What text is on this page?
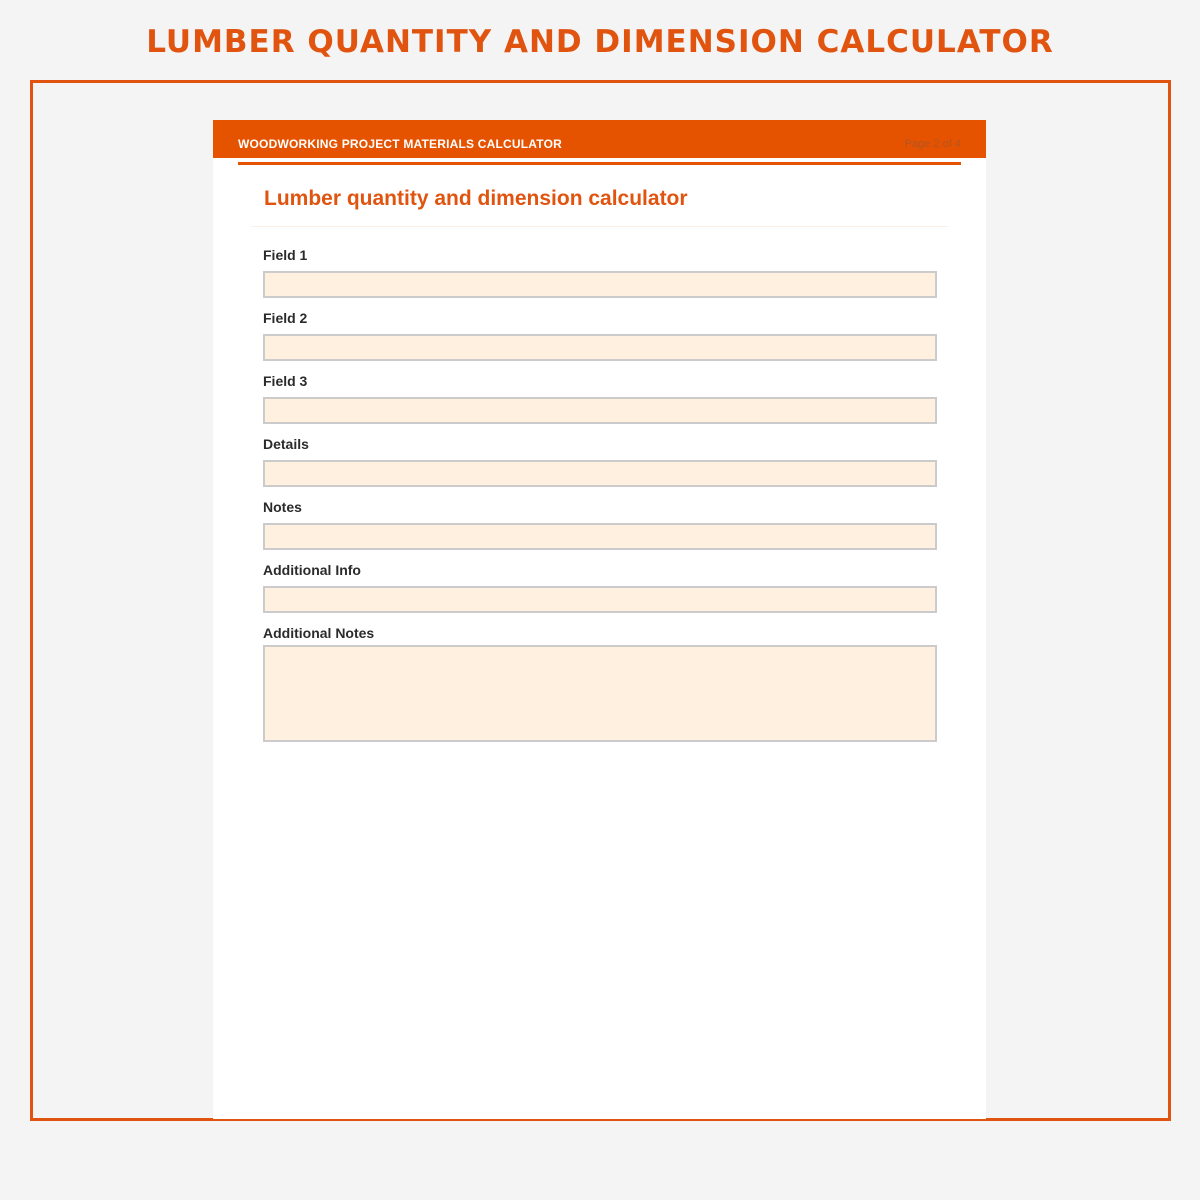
LUMBER QUANTITY AND DIMENSION CALCULATOR
WOODWORKING PROJECT MATERIALS CALCULATOR	Page 2 of 4
Lumber quantity and dimension calculator
Field 1
Field 2
Field 3
Details
Notes
Additional Info
Additional Notes
